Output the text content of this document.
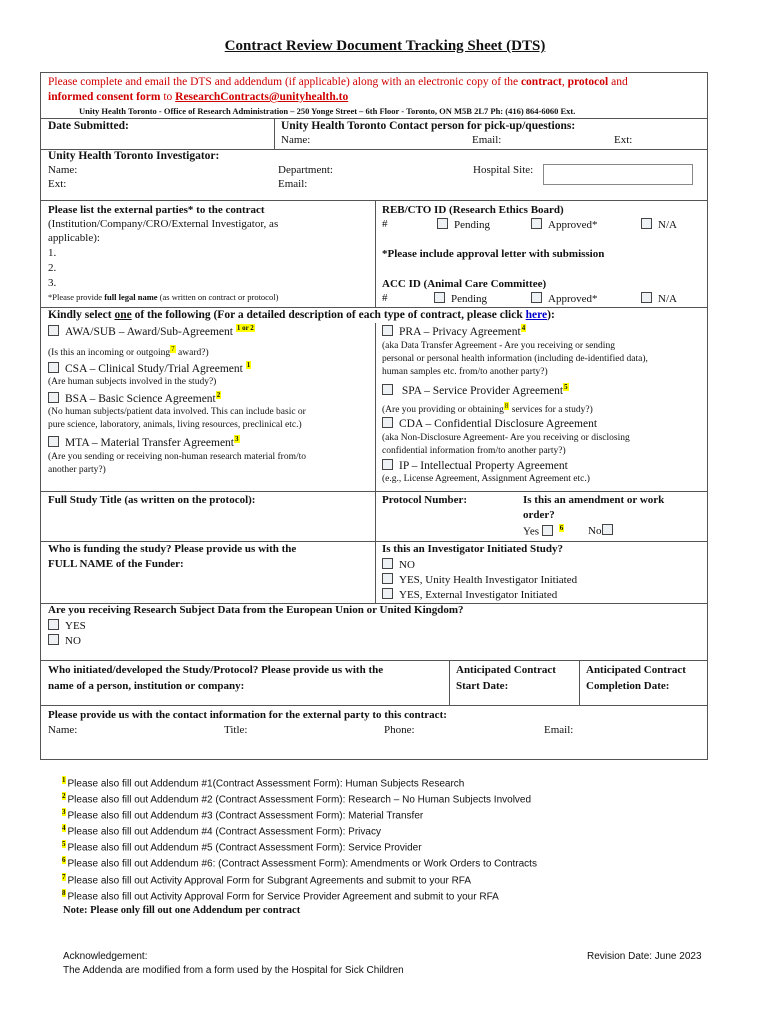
Contract Review Document Tracking Sheet (DTS)
Please complete and email the DTS and addendum (if applicable) along with an electronic copy of the contract, protocol and
informed consent form to ResearchContracts@unityhealth.to
Unity Health Toronto - Office of Research Administration – 250 Yonge Street – 6th Floor - Toronto, ON M5B 2L7 Ph: (416) 864-6060 Ext.
Date Submitted:	Unity Health Toronto Contact person for pick-up/questions:
Name:	Email:	Ext:
Unity Health Toronto Investigator:
Name:
Ext:
Department:
Email:
Hospital Site:
Please list the external parties* to the contract
(Institution/Company/CRO/External Investigator, as
applicable):
1.
2.
3.
*Please provide full legal name (as written on contract or protocol)
REB/CTO ID (Research Ethics Board)
#	Pending	Approved*	N/A
*Please include approval letter with submission
ACC ID (Animal Care Committee)
#	Pending	Approved*	N/A
Kindly select one of the following (For a detailed description of each type of contract, please click here):
AWA/SUB – Award/Sub-Agreement $^{1 or 2}$
(Is this an incoming or outgoing$^7$ award?)
CSA – Clinical Study/Trial Agreement $^1$
(Are human subjects involved in the study?)
BSA – Basic Science Agreement$^2$
(No human subjects/patient data involved. This can include basic or
pure science, laboratory, animals, living resources, preclinical etc.)
MTA – Material Transfer Agreement$^3$
(Are you sending or receiving non-human research material from/to
another party?)
PRA – Privacy Agreement$^4$
(aka Data Transfer Agreement - Are you receiving or sending
personal or personal health information (including de-identified data),
human samples etc. from/to another party?)
SPA – Service Provider Agreement$^5$
(Are you providing or obtaining$^8$ services for a study?)
CDA – Confidential Disclosure Agreement
(aka Non-Disclosure Agreement- Are you receiving or disclosing
confidential information from/to another party?)
IP – Intellectual Property Agreement
(e.g., License Agreement, Assignment Agreement etc.)
Full Study Title (as written on the protocol):	Protocol Number:	Is this an amendment or work
order?
Yes	$^6$ No
Who is funding the study? Please provide us with the
FULL NAME of the Funder:
Is this an Investigator Initiated Study?
NO
YES, Unity Health Investigator Initiated
YES, External Investigator Initiated
Are you receiving Research Subject Data from the European Union or United Kingdom?
YES
NO
Who initiated/developed the Study/Protocol? Please provide us with the
name of a person, institution or company:
Anticipated Contract
Start Date:
Anticipated Contract
Completion Date:
Please provide us with the contact information for the external party to this contract:
Name:	Title:	Phone:	Email:
$^1$ Please also fill out Addendum #1(Contract Assessment Form): Human Subjects Research
$^2$ Please also fill out Addendum #2 (Contract Assessment Form): Research – No Human Subjects Involved
$^3$ Please also fill out Addendum #3 (Contract Assessment Form): Material Transfer
$^4$ Please also fill out Addendum #4 (Contract Assessment Form): Privacy
$^5$ Please also fill out Addendum #5 (Contract Assessment Form): Service Provider
$^6$ Please also fill out Addendum #6: (Contract Assessment Form): Amendments or Work Orders to Contracts
$^7$ Please also fill out Activity Approval Form for Subgrant Agreements and submit to your RFA
$^8$ Please also fill out Activity Approval Form for Service Provider Agreement and submit to your RFA
Note: Please only fill out one Addendum per contract
Acknowledgement:
The Addenda are modified from a form used by the Hospital for Sick Children
Revision Date: June 2023
